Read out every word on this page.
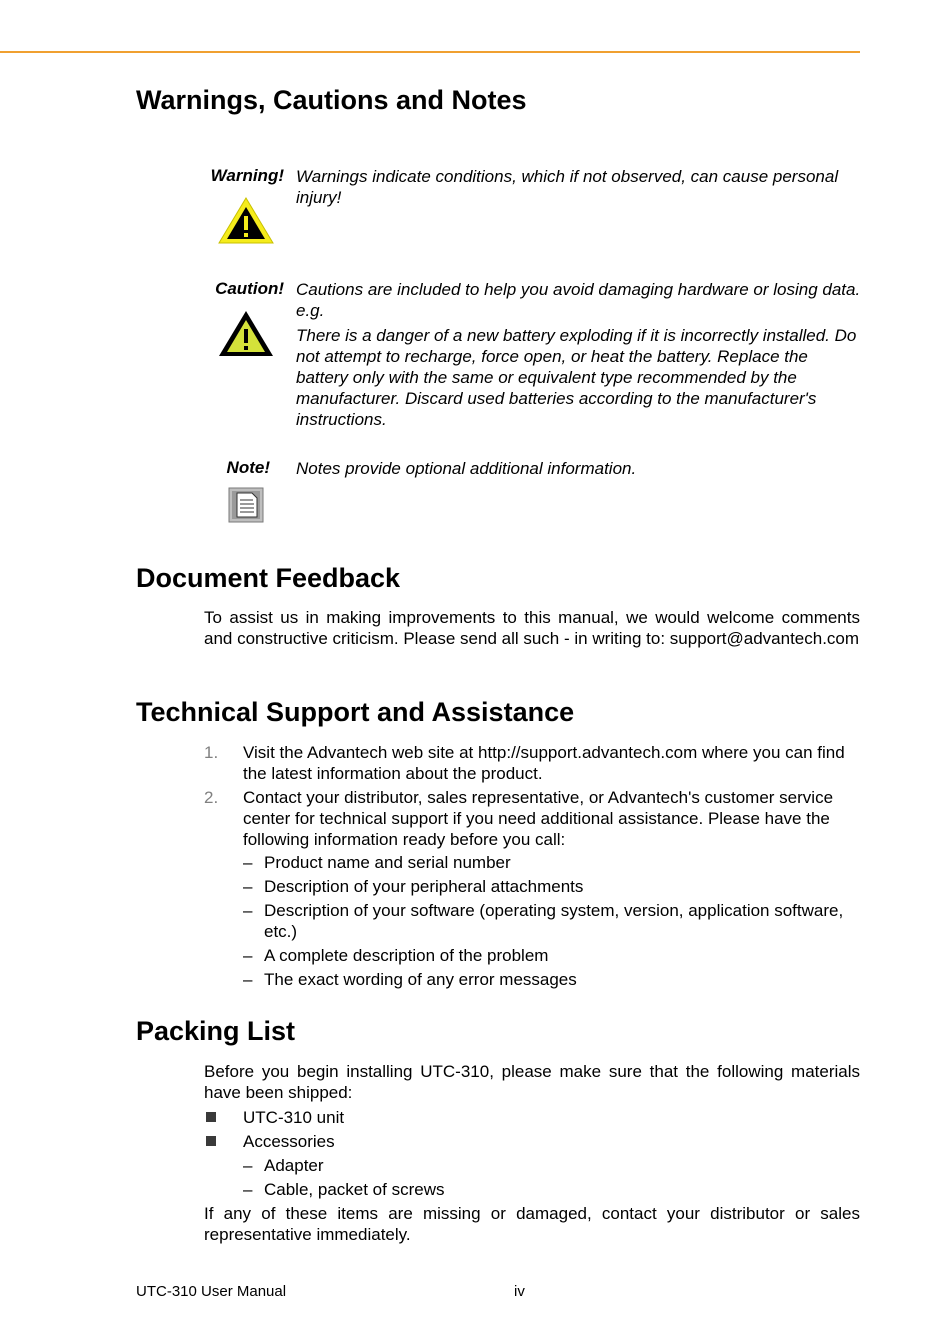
Warnings, Cautions and Notes
Warning! Warnings indicate conditions, which if not observed, can cause personal injury!

Caution! Cautions are included to help you avoid damaging hardware or losing data. e.g.

There is a danger of a new battery exploding if it is incorrectly installed. Do not attempt to recharge, force open, or heat the battery. Replace the battery only with the same or equivalent type recommended by the manufacturer. Discard used batteries according to the manufacturer's instructions.

Note! Notes provide optional additional information.

Document Feedback

To assist us in making improvements to this manual, we would welcome comments and constructive criticism. Please send all such - in writing to: support@advantech.com

Technical Support and Assistance
1. Visit the Advantech web site at http://support.advantech.com where you can find the latest information about the product.

2. Contact your distributor, sales representative, or Advantech's customer service center for technical support if you need additional assistance. Please have the following information ready before you call:

– Product name and serial number

– Description of your peripheral attachments

– Description of your software (operating system, version, application software, etc.)

– A complete description of the problem

– The exact wording of any error messages

Packing List

Before you begin installing UTC-310, please make sure that the following materials have been shipped:

UTC-310 unit

Accessories

– Adapter

– Cable, packet of screws

If any of these items are missing or damaged, contact your distributor or sales representative immediately.

UTC-310 User Manual	iv
